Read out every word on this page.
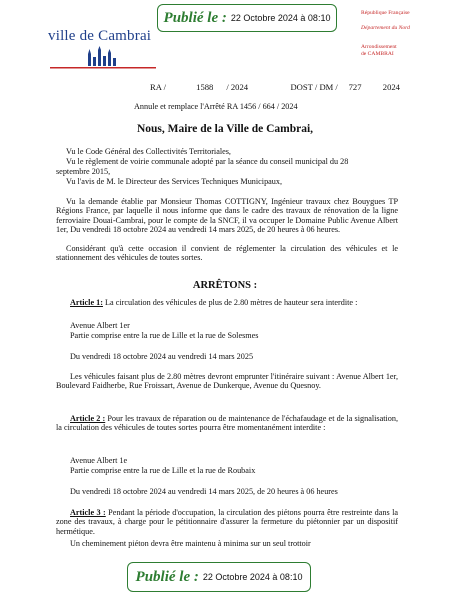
Publié le : 22 Octobre 2024 à 08:10
ville de Cambrai
République Française
Département du Nord
Arrondissement
de CAMBRAI
RA /	1588 / 2024	DOST / DM / 727 2024
Annule et remplace l'Arrêté RA 1456 / 664 / 2024
Nous, Maire de la Ville de Cambrai,

Vu le Code Général des Collectivités Territoriales,

Vu le règlement de voirie communale adopté par la séance du conseil municipal du 28

septembre 2015,

Vu l'avis de M. le Directeur des Services Techniques Municipaux,

Vu la demande établie par Monsieur Thomas COTTIGNY, Ingénieur travaux chez Bouygues TP Régions France, par laquelle il nous informe que dans le cadre des travaux de rénovation de la ligne ferroviaire Douai-Cambrai, pour le compte de la SNCF, il va occuper le Domaine Public Avenue Albert 1er, Du vendredi 18 octobre 2024 au vendredi 14 mars 2025, de 20 heures à 06 heures.

Considérant qu'à cette occasion il convient de réglementer la circulation des véhicules et le stationnement des véhicules de toutes sortes.

ARRÊTONS :

Article 1: La circulation des véhicules de plus de 2.80 mètres de hauteur sera interdite :

Avenue Albert 1er

Partie comprise entre la rue de Lille et la rue de Solesmes

Du vendredi 18 octobre 2024 au vendredi 14 mars 2025

Les véhicules faisant plus de 2.80 mètres devront emprunter l'itinéraire suivant : Avenue Albert 1er, Boulevard Faidherbe, Rue Froissart, Avenue de Dunkerque, Avenue du Quesnoy.

Article 2 : Pour les travaux de réparation ou de maintenance de l'échafaudage et de la signalisation, la circulation des véhicules de toutes sortes pourra être momentanément interdite :

Avenue Albert 1e

Partie comprise entre la rue de Lille et la rue de Roubaix

Du vendredi 18 octobre 2024 au vendredi 14 mars 2025, de 20 heures à 06 heures

Article 3 : Pendant la période d'occupation, la circulation des piétons pourra être restreinte dans la zone des travaux, à charge pour le pétitionnaire d'assurer la fermeture du piétonnier par un dispositif hermétique.

Un cheminement piéton devra être maintenu à minima sur un seul trottoir

Publié le : 22 Octobre 2024 à 08:10
